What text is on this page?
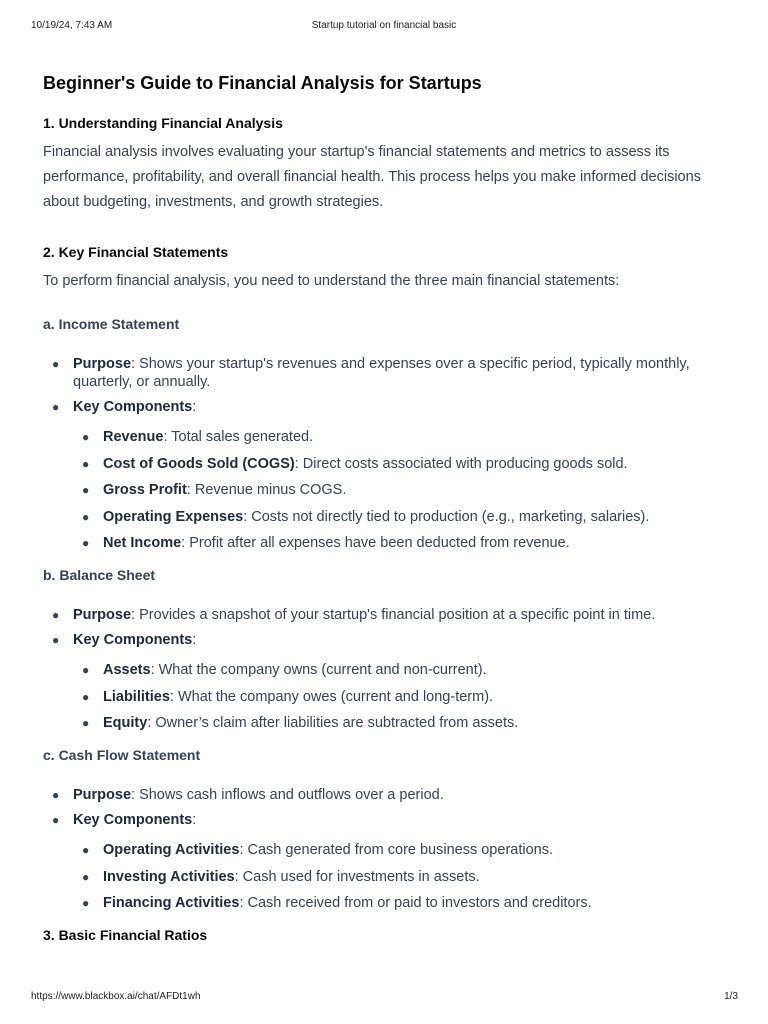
10/19/24, 7:43 AM	Startup tutorial on financial basic
Beginner's Guide to Financial Analysis for Startups
1. Understanding Financial Analysis

Financial analysis involves evaluating your startup's financial statements and metrics to assess its performance, profitability, and overall financial health. This process helps you make informed decisions about budgeting, investments, and growth strategies.

2. Key Financial Statements

To perform financial analysis, you need to understand the three main financial statements:

a. Income Statement
● Purpose: Shows your startup's revenues and expenses over a specific period, typically monthly, quarterly, or annually.
● Key Components:
● Revenue: Total sales generated.
● Cost of Goods Sold (COGS): Direct costs associated with producing goods sold.
● Gross Profit: Revenue minus COGS.
● Operating Expenses: Costs not directly tied to production (e.g., marketing, salaries).
● Net Income: Profit after all expenses have been deducted from revenue.
b. Balance Sheet
● Purpose: Provides a snapshot of your startup's financial position at a specific point in time.
● Key Components:
● Assets: What the company owns (current and non-current).
● Liabilities: What the company owes (current and long-term).
● Equity: Owner’s claim after liabilities are subtracted from assets.
c. Cash Flow Statement
● Purpose: Shows cash inflows and outflows over a period.
● Key Components:
● Operating Activities: Cash generated from core business operations.
● Investing Activities: Cash used for investments in assets.
● Financing Activities: Cash received from or paid to investors and creditors.
3. Basic Financial Ratios
https://www.blackbox.ai/chat/AFDt1wh	1/3
